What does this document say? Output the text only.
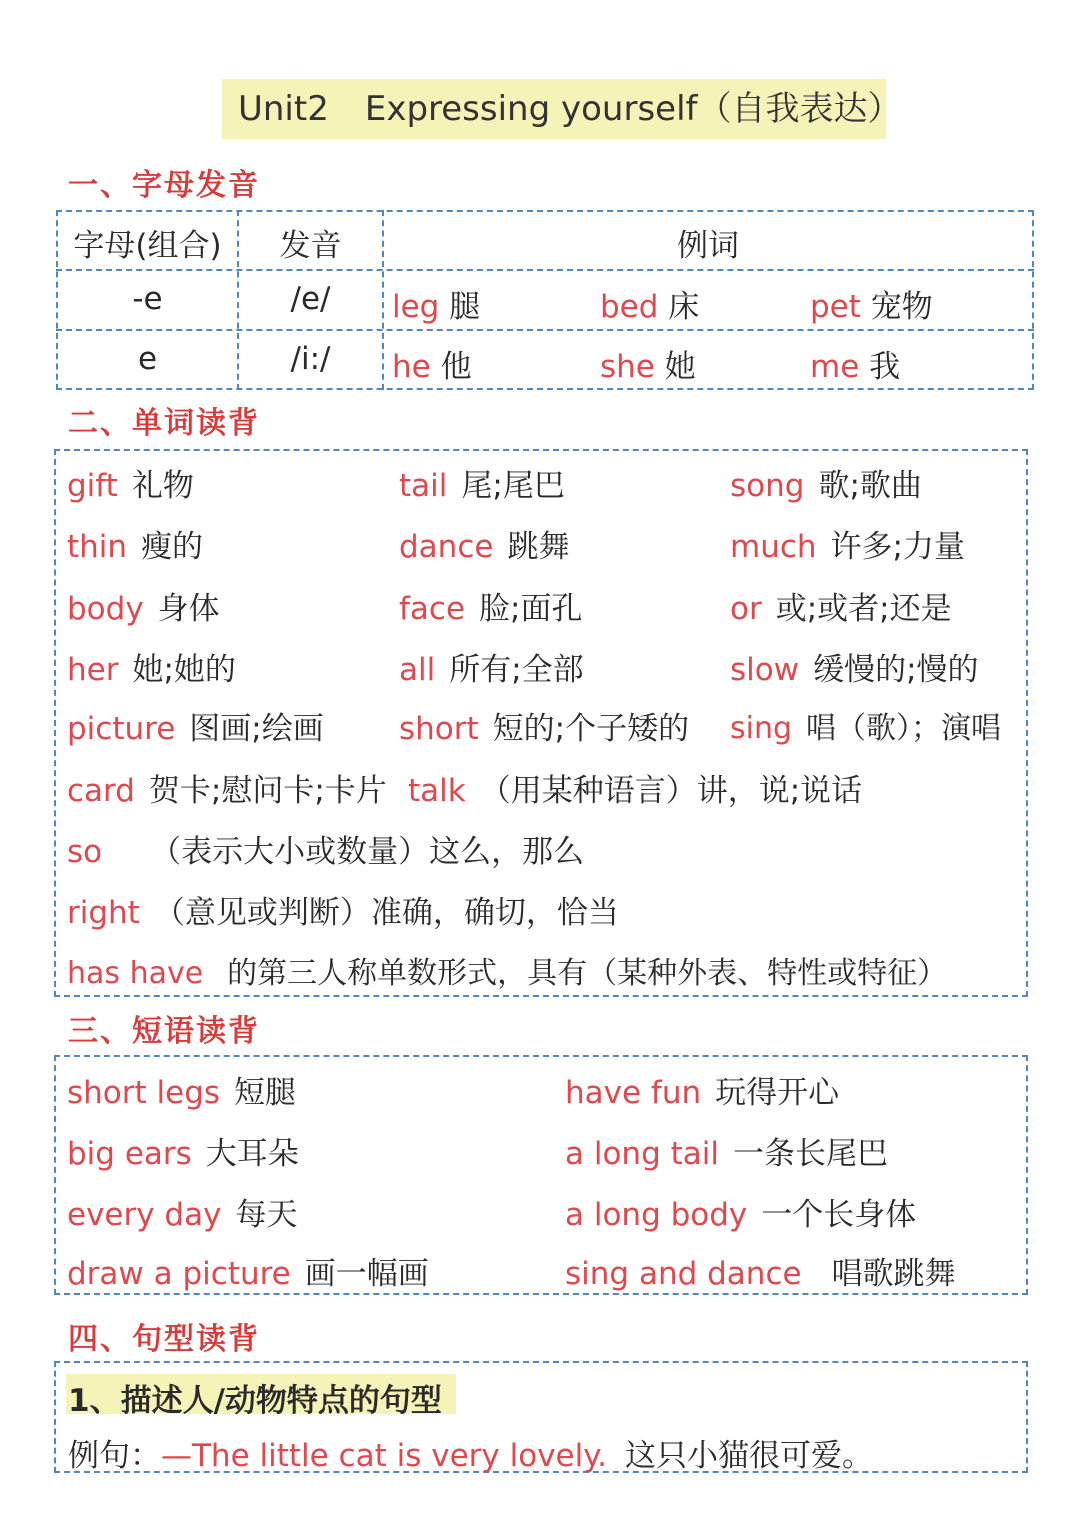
Unit2 Expressing yourself（自我表达）
一、字母发音
字母(组合)	发音	例词
-e	/e/	leg 腿	bed 床	pet 宠物
e	/i:/	he 他	she 她	me 我
二、单词读背
gift 礼物	tail 尾;尾巴	song 歌;歌曲
thin 瘦的	dance 跳舞	much 许多;力量
body 身体	face 脸;面孔	or 或;或者;还是
her 她;她的	all 所有;全部	slow 缓慢的;慢的
picture 图画;绘画 short 短的;个子矮的 sing 唱（歌）；演唱
card 贺卡;慰问卡;卡片 talk （用某种语言）讲，说;说话
so （表示大小或数量）这么，那么
right （意见或判断）准确，确切，恰当
has have 的第三人称单数形式，具有（某种外表、特性或特征）
三、短语读背
short legs 短腿	have fun 玩得开心
big ears 大耳朵	a long tail 一条长尾巴
every day 每天	a long body 一个长身体
draw a picture 画一幅画	sing and dance 唱歌跳舞
四、句型读背
1、描述人/动物特点的句型
例句：—The little cat is very lovely. 这只小猫很可爱。
